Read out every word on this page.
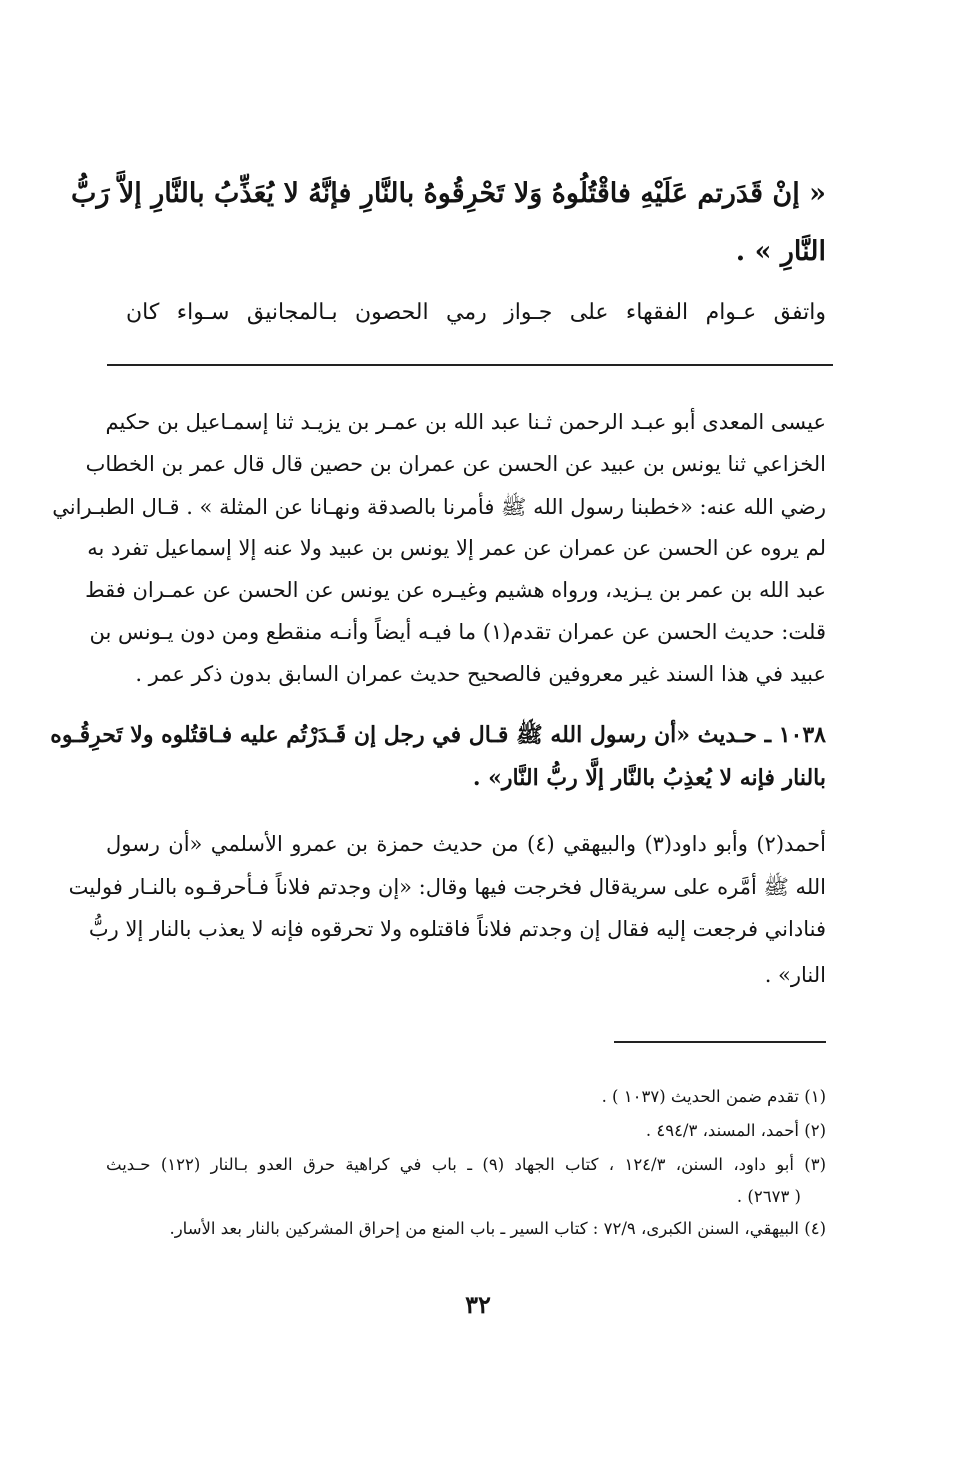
« إنْ قَدَرتم عَلَيْهِ فاقْتُلُوهُ وَلا تَحْرِقُوهُ بالنَّارِ فإنَّهُ لا يُعَذِّبُ بالنَّارِ إلاَّ رَبُّ
النَّارِ » .
واتفق عـوام الفقهاء على جـواز رمي الحصون بـالمجانيق سـواء كان
عيسى المعدى أبو عبـد الرحمن ثـنا عبد الله بن عمـر بن يزيـد ثنا إسمـاعيل بن حكيم
الخزاعي ثنا يونس بن عبيد عن الحسن عن عمران بن حصين قال قال عمر بن الخطاب
رضي الله عنه: «خطبنا رسول الله ﷺ فأمرنا بالصدقة ونهـانا عن المثلة » . قـال الطبـراني
لم يروه عن الحسن عن عمران عن عمر إلا يونس بن عبيد ولا عنه إلا إسماعيل تفرد به
عبد الله بن عمر بن يـزيد، ورواه هشيم وغيـره عن يونس عن الحسن عن عمـران فقط
قلت: حديث الحسن عن عمران تقدم(١) ما فيـه أيضاً وأنـه منقطع ومن دون يـونس بن
عبيد في هذا السند غير معروفين فالصحيح حديث عمران السابق بدون ذكر عمر .
١٠٣٨ ـ حـديث «أن رسول الله ﷺ قـال في رجل إن قَـدَرْتُم عليه فـاقتُلوه ولا تَحرِقُـوه
بالنار فإنه لا يُعذِبُ بالنَّار إلَّا ربُّ النَّار» .
أحمد(٢) وأبو داود(٣) والبيهقي (٤) من حديث حمزة بن عمرو الأسلمي «أن رسول
الله ﷺ أمَّره على سريةقال فخرجت فيها وقال: «إن وجدتم فلاناً فـأحرقـوه بالنـار فوليت
فناداني فرجعت إليه فقال إن وجدتم فلاناً فاقتلوه ولا تحرقوه فإنه لا يعذب بالنار إلا ربُّ
النار» .
(١) تقدم ضمن الحديث (١٠٣٧ ) .
(٢) أحمد، المسند، ٤٩٤/٣ .
(٣) أبو داود، السنن، ١٢٤/٣ ، كتاب الجهاد (٩) ـ باب في كراهية حرق العدو بـالنار (١٢٢) حـديث
( ٢٦٧٣) .
(٤) البيهقي، السنن الكبرى، ٧٢/٩ : كتاب السير ـ باب المنع من إحراق المشركين بالنار بعد الأسار.
٣٢
